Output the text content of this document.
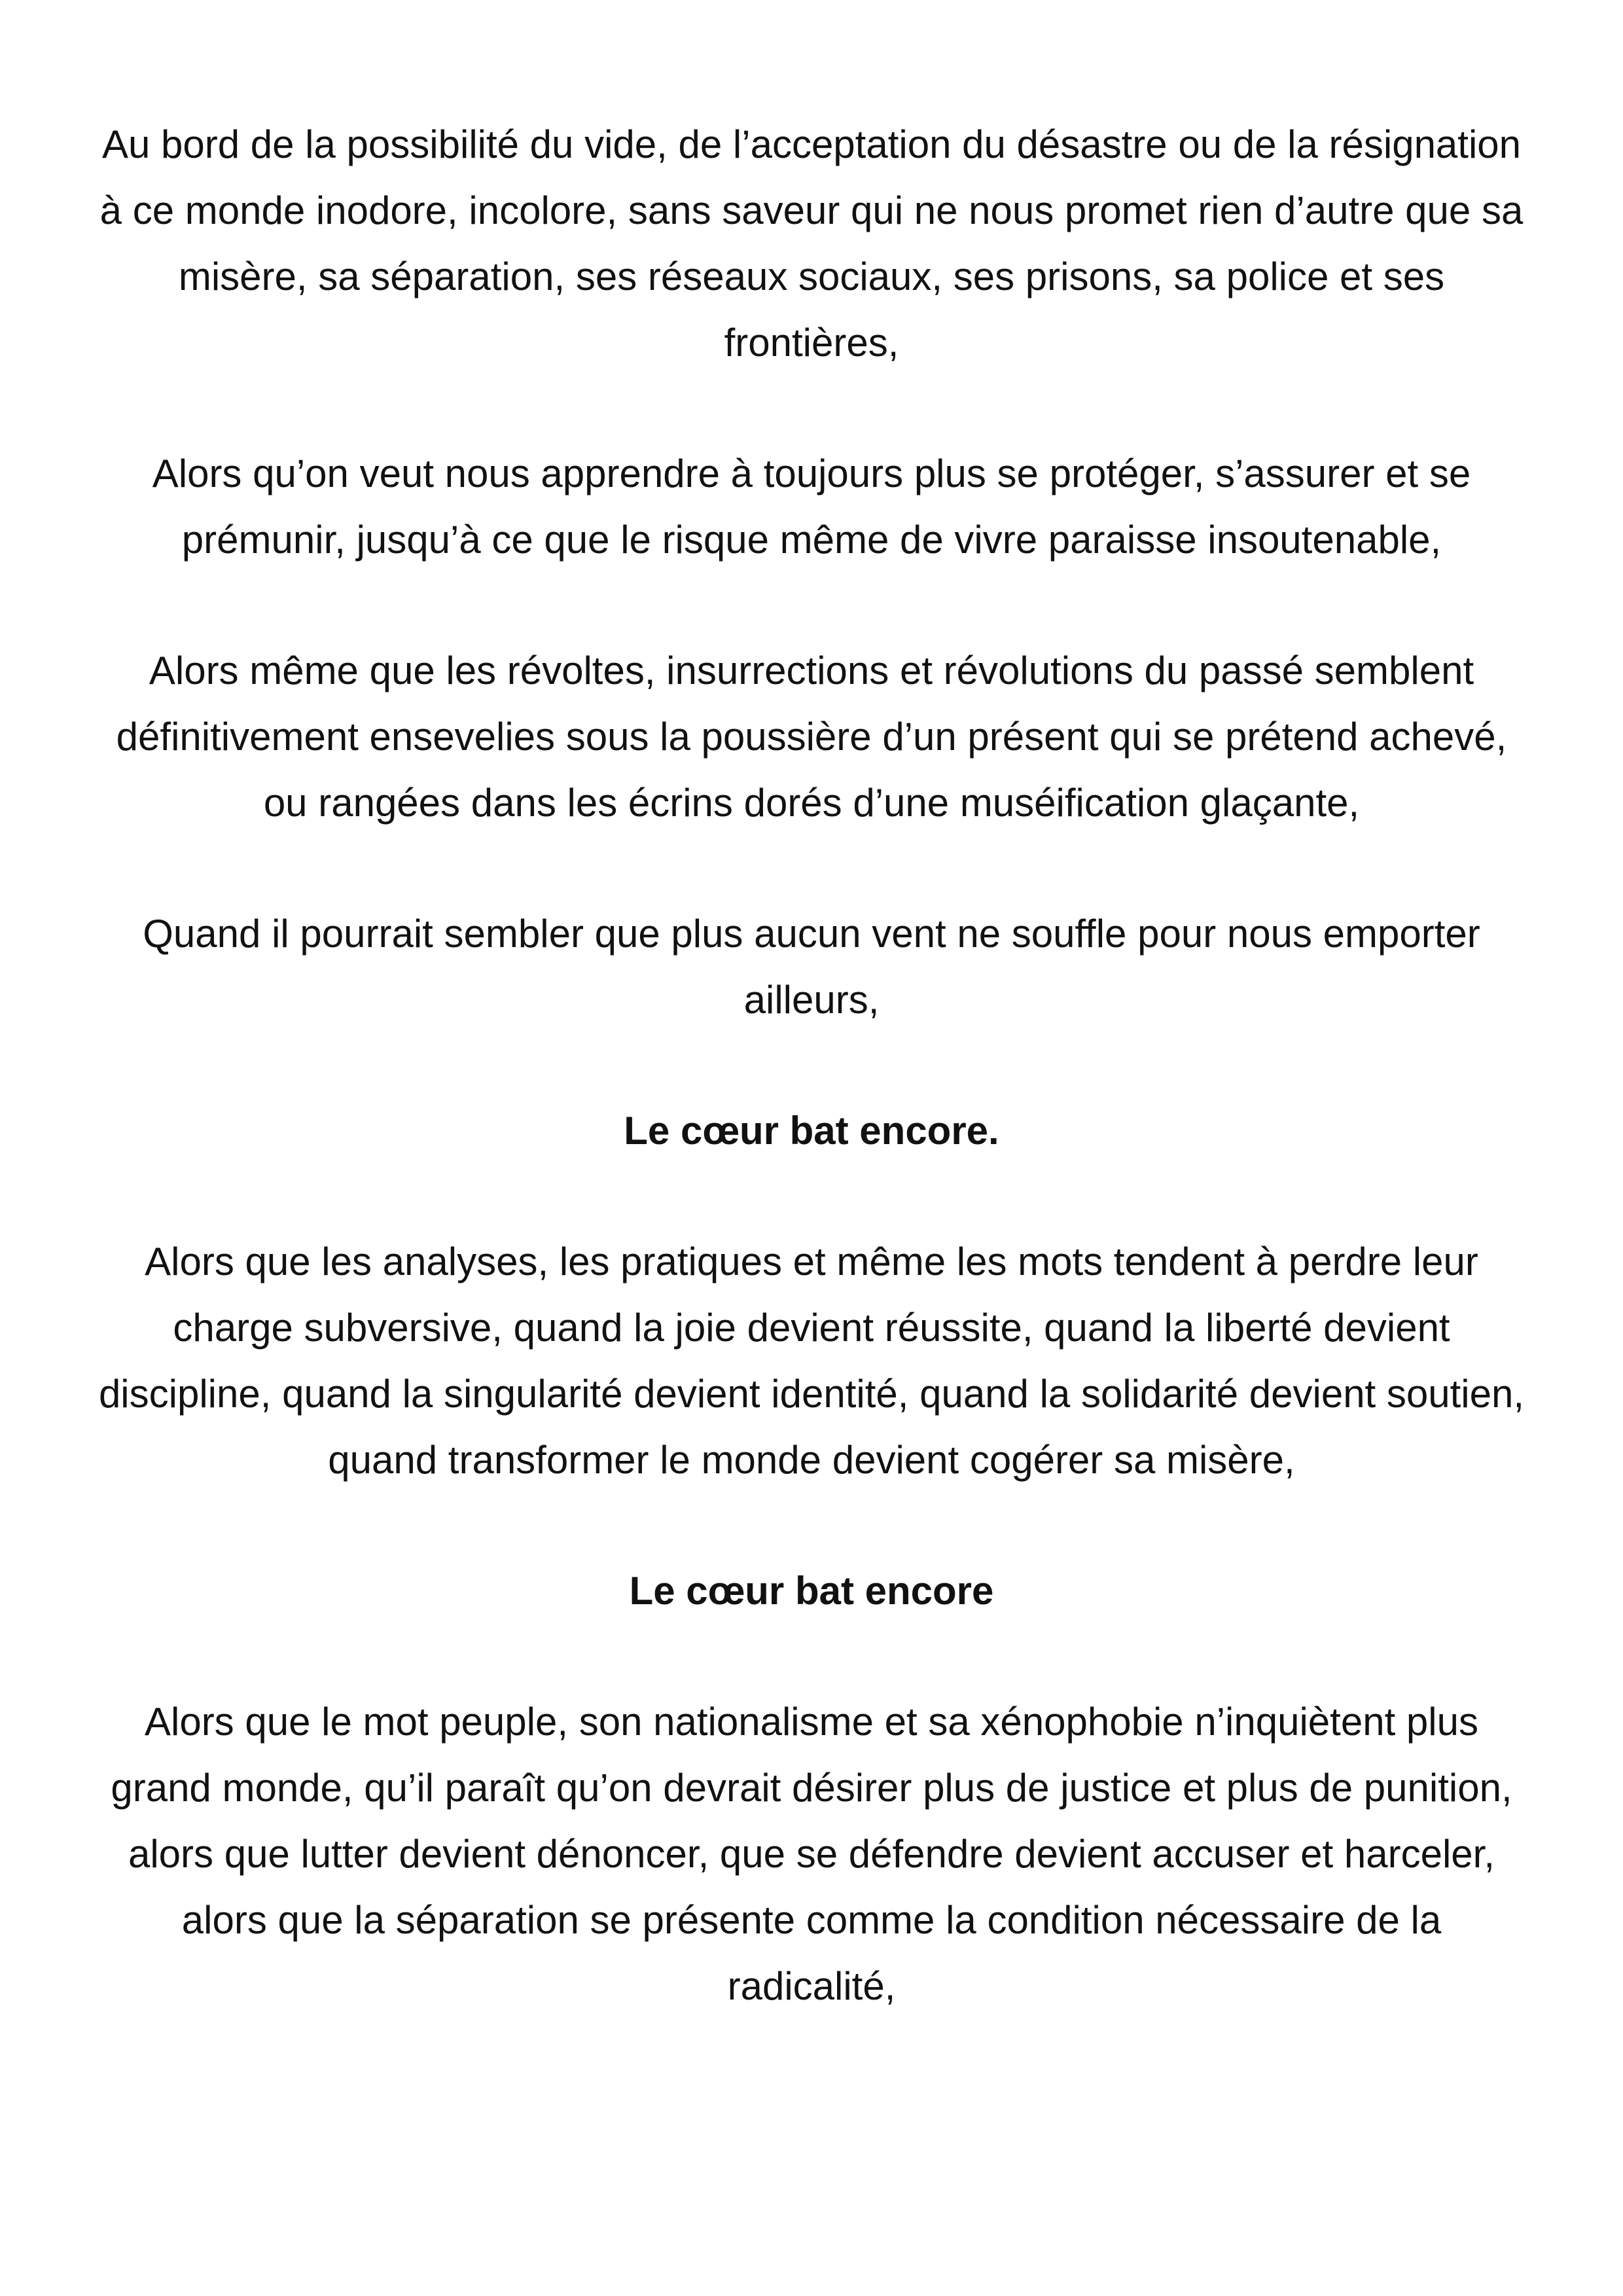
Au bord de la possibilité du vide, de l’acceptation du désastre ou de la résignation à ce monde inodore, incolore, sans saveur qui ne nous promet rien d’autre que sa misère, sa séparation, ses réseaux sociaux, ses prisons, sa police et ses frontières,

Alors qu’on veut nous apprendre à toujours plus se protéger, s’assurer et se prémunir, jusqu’à ce que le risque même de vivre paraisse insoutenable,

Alors même que les révoltes, insurrections et révolutions du passé semblent définitivement ensevelies sous la poussière d’un présent qui se prétend achevé, ou rangées dans les écrins dorés d’une muséification glaçante,

Quand il pourrait sembler que plus aucun vent ne souffle pour nous emporter ailleurs,

Le cœur bat encore.

Alors que les analyses, les pratiques et même les mots tendent à perdre leur charge subversive, quand la joie devient réussite, quand la liberté devient discipline, quand la singularité devient identité, quand la solidarité devient soutien, quand transformer le monde devient cogérer sa misère,

Le cœur bat encore

Alors que le mot peuple, son nationalisme et sa xénophobie n’inquiètent plus grand monde, qu’il paraît qu’on devrait désirer plus de justice et plus de punition, alors que lutter devient dénoncer, que se défendre devient accuser et harceler, alors que la séparation se présente comme la condition nécessaire de la radicalité,
